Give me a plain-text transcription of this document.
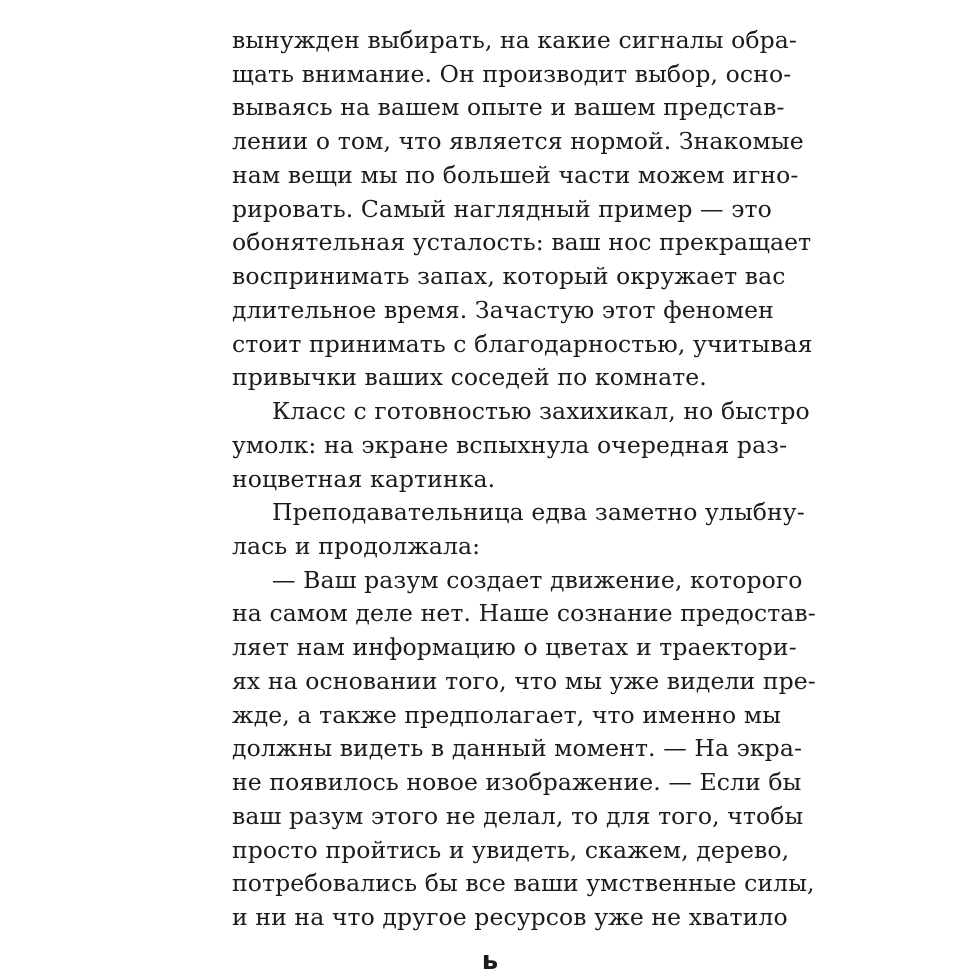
вынужден выбирать, на какие сигналы обра-
щать внимание. Он производит выбор, осно-
вываясь на вашем опыте и вашем представ-
лении о том, что является нормой. Знакомые
нам вещи мы по большей части можем игно-
рировать. Самый наглядный пример — это
обонятельная усталость: ваш нос прекращает
воспринимать запах, который окружает вас
длительное время. Зачастую этот феномен
стоит принимать с благодарностью, учитывая
привычки ваших соседей по комнате.
Класс с готовностью захихикал, но быстро
умолк: на экране вспыхнула очередная раз-
ноцветная картинка.
Преподавательница едва заметно улыбну-
лась и продолжала:
— Ваш разум создает движение, которого
на самом деле нет. Наше сознание предостав-
ляет нам информацию о цветах и траектори-
ях на основании того, что мы уже видели пре-
жде, а также предполагает, что именно мы
должны видеть в данный момент. — На экра-
не появилось новое изображение. — Если бы
ваш разум этого не делал, то для того, чтобы
просто пройтись и увидеть, скажем, дерево,
потребовались бы все ваши умственные силы,
и ни на что другое ресурсов уже не хватило
ь
